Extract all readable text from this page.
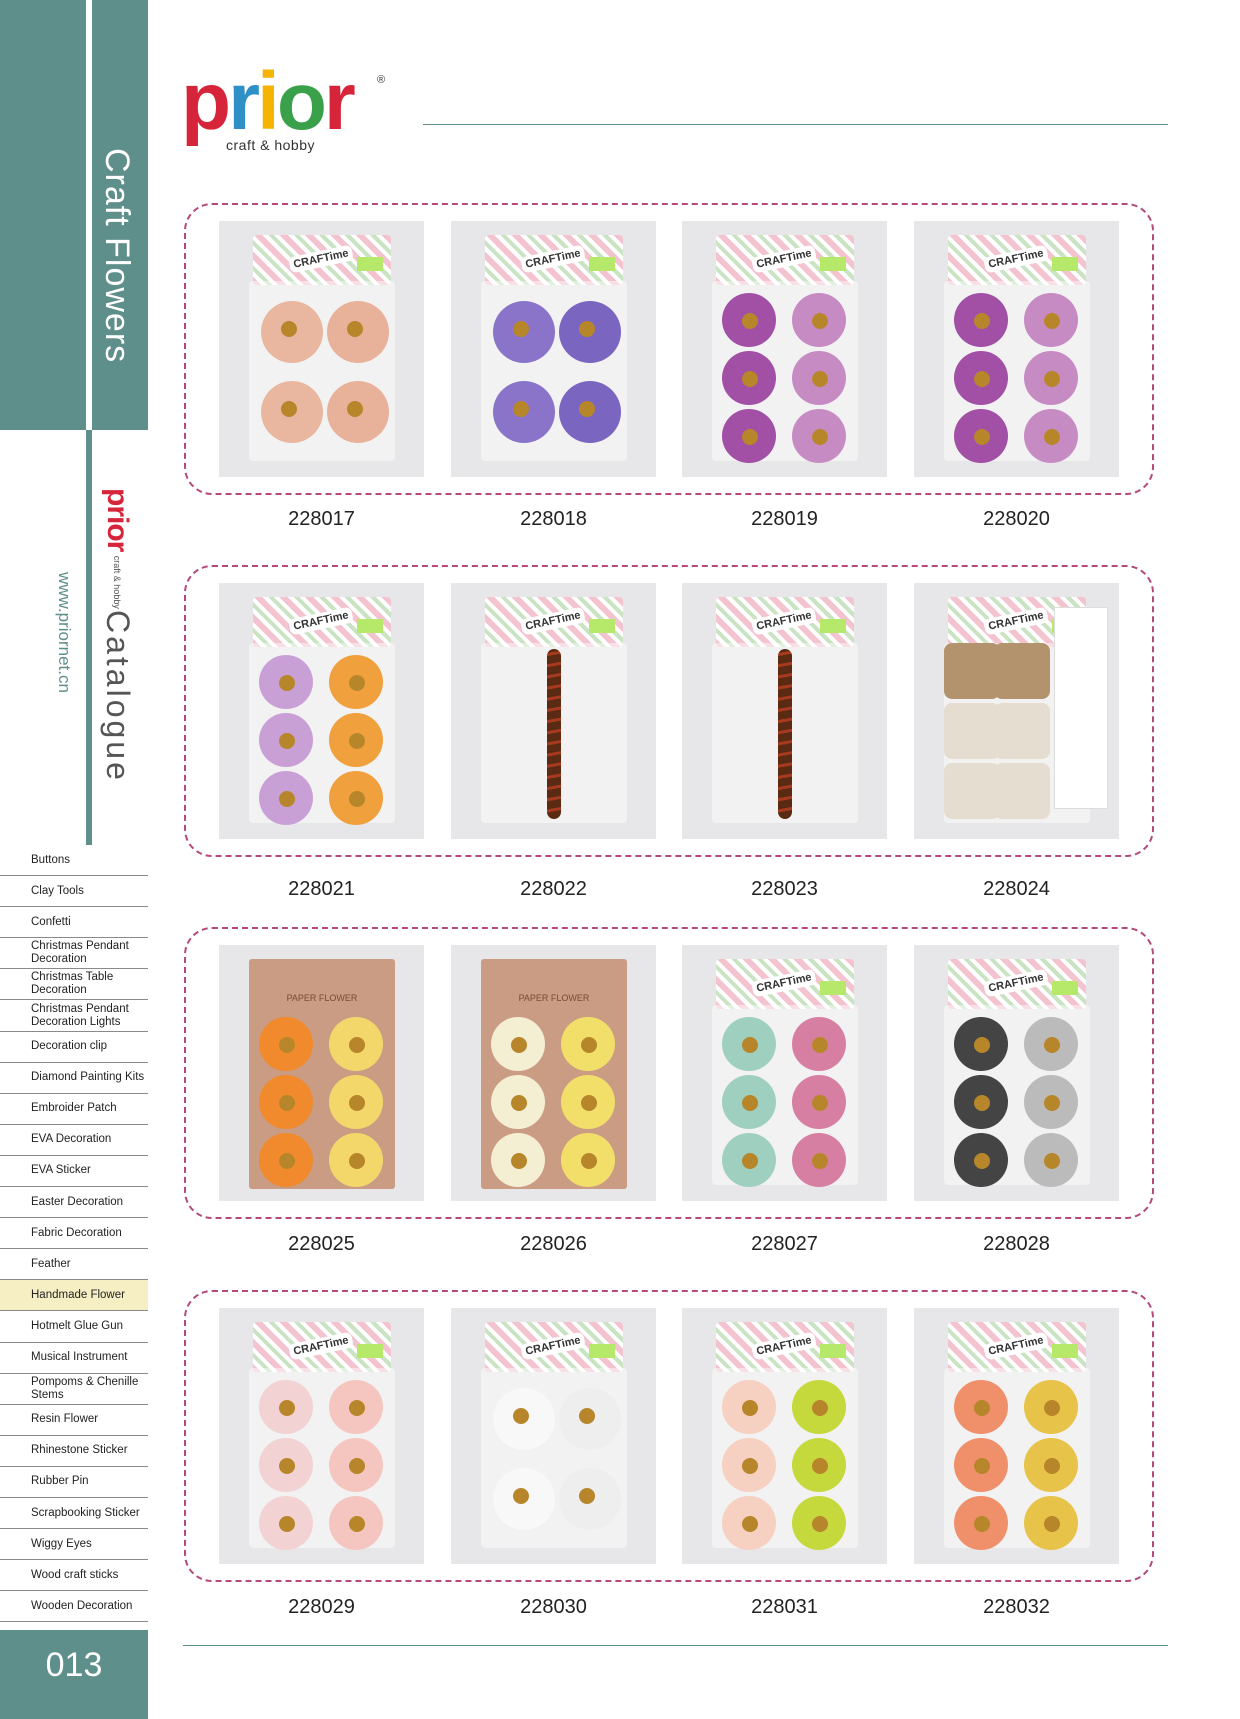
Craft Flowers
prior craft & hobby
Catalogue
www.priornet.cn
Buttons
Clay Tools
Confetti
Christmas Pendant Decoration
Christmas Table Decoration
Christmas Pendant Decoration Lights
Decoration clip
Diamond Painting Kits
Embroider Patch
EVA Decoration
EVA Sticker
Easter Decoration
Fabric Decoration
Feather
Handmade Flower
Hotmelt Glue Gun
Musical Instrument
Pompoms & Chenille Stems
Resin Flower
Rhinestone Sticker
Rubber Pin
Scrapbooking Sticker
Wiggy Eyes
Wood craft sticks
Wooden Decoration
013
prior ®
craft & hobby
CRAFTime
228017
CRAFTime
228018
CRAFTime
228019
CRAFTime
228020
CRAFTime
228021
CRAFTime
228022
CRAFTime
228023
CRAFTime
228024
PAPER FLOWER
228025
PAPER FLOWER
228026
CRAFTime
228027
CRAFTime
228028
CRAFTime
228029
CRAFTime
228030
CRAFTime
228031
CRAFTime
228032
